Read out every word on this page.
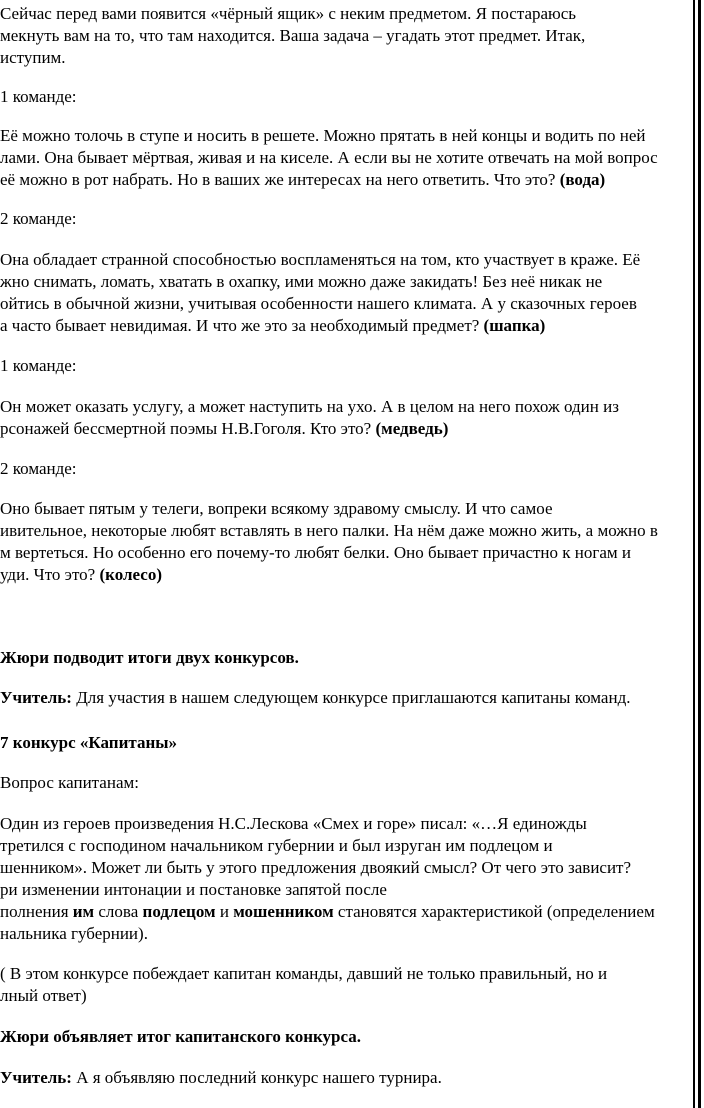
Сейчас перед вами появится «чёрный ящик» с неким предметом. Я постараюсь
мекнуть вам на то, что там находится. Ваша задача – угадать этот предмет. Итак,
иступим.
1 команде:
Её можно толочь в ступе и носить в решете. Можно прятать в ней концы и водить по ней
лами. Она бывает мёртвая, живая и на киселе. А если вы не хотите отвечать на мой вопрос
её можно в рот набрать. Но в ваших же интересах на него ответить. Что это? (вода)
2 команде:
Она обладает странной способностью воспламеняться на том, кто участвует в краже. Её
жно снимать, ломать, хватать в охапку, ими можно даже закидать! Без неё никак не
ойтись в обычной жизни, учитывая особенности нашего климата. А у сказочных героев
а часто бывает невидимая. И что же это за необходимый предмет? (шапка)
1 команде:
Он может оказать услугу, а может наступить на ухо. А в целом на него похож один из
рсонажей бессмертной поэмы Н.В.Гоголя. Кто это? (медведь)
2 команде:
Оно бывает пятым у телеги, вопреки всякому здравому смыслу. И что самое
ивительное, некоторые любят вставлять в него палки. На нём даже можно жить, а можно в
м вертеться. Но особенно его почему-то любят белки. Оно бывает причастно к ногам и
уди. Что это? (колесо)
Жюри подводит итоги двух конкурсов.
Учитель: Для участия в нашем следующем конкурсе приглашаются капитаны команд.
7 конкурс «Капитаны»
Вопрос капитанам:
Один из героев произведения Н.С.Лескова «Смех и горе» писал: «…Я единожды
третился с господином начальником губернии и был изруган им подлецом и
шенником». Может ли быть у этого предложения двоякий смысл? От чего это зависит?
ри изменении интонации и постановке запятой после
полнения им слова подлецом и мошенником становятся характеристикой (определением
нальника губернии).
( В этом конкурсе побеждает капитан команды, давший не только правильный, но и
лный ответ)
Жюри объявляет итог капитанского конкурса.
Учитель: А я объявляю последний конкурс нашего турнира.
